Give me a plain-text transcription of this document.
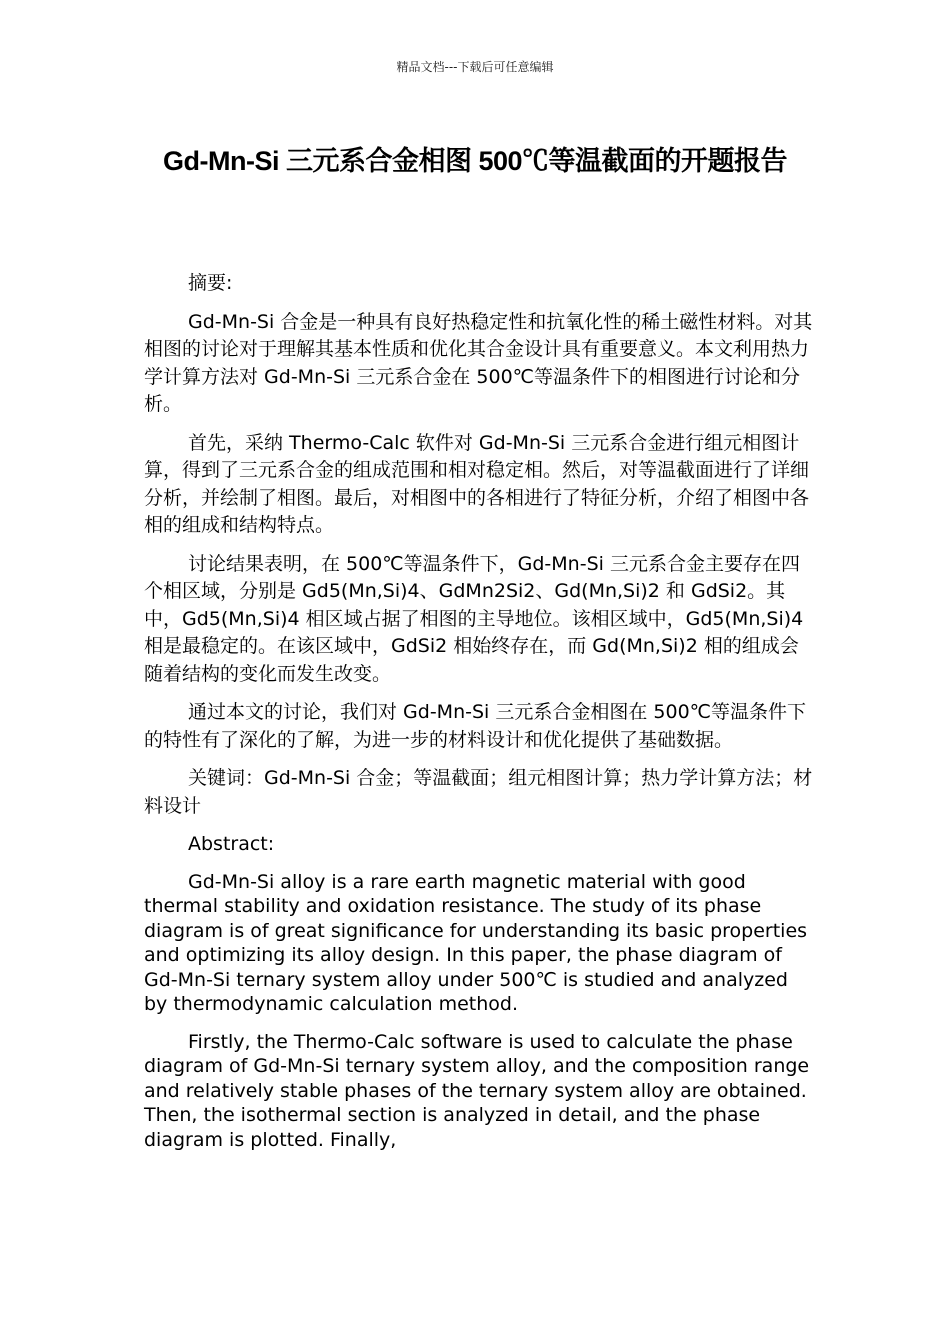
精品文档---下载后可任意编辑
Gd-Mn-Si 三元系合金相图 500℃等温截面的开题报告

摘要:

Gd-Mn-Si 合金是一种具有良好热稳定性和抗氧化性的稀土磁性材料。对其相图的讨论对于理解其基本性质和优化其合金设计具有重要意义。本文利用热力学计算方法对 Gd-Mn-Si 三元系合金在 500℃等温条件下的相图进行讨论和分析。

首先，采纳 Thermo-Calc 软件对 Gd-Mn-Si 三元系合金进行组元相图计算，得到了三元系合金的组成范围和相对稳定相。然后，对等温截面进行了详细分析，并绘制了相图。最后，对相图中的各相进行了特征分析，介绍了相图中各相的组成和结构特点。

讨论结果表明，在 500℃等温条件下，Gd-Mn-Si 三元系合金主要存在四个相区域，分别是 Gd5(Mn,Si)4、GdMn2Si2、Gd(Mn,Si)2 和 GdSi2。其中，Gd5(Mn,Si)4 相区域占据了相图的主导地位。该相区域中，Gd5(Mn,Si)4 相是最稳定的。在该区域中，GdSi2 相始终存在，而 Gd(Mn,Si)2 相的组成会随着结构的变化而发生改变。

通过本文的讨论，我们对 Gd-Mn-Si 三元系合金相图在 500℃等温条件下的特性有了深化的了解，为进一步的材料设计和优化提供了基础数据。

关键词：Gd-Mn-Si 合金；等温截面；组元相图计算；热力学计算方法；材料设计

Abstract:

Gd-Mn-Si alloy is a rare earth magnetic material with good thermal stability and oxidation resistance. The study of its phase diagram is of great significance for understanding its basic properties and optimizing its alloy design. In this paper, the phase diagram of Gd-Mn-Si ternary system alloy under 500℃ is studied and analyzed by thermodynamic calculation method.

Firstly, the Thermo-Calc software is used to calculate the phase diagram of Gd-Mn-Si ternary system alloy, and the composition range and relatively stable phases of the ternary system alloy are obtained. Then, the isothermal section is analyzed in detail, and the phase diagram is plotted. Finally,
